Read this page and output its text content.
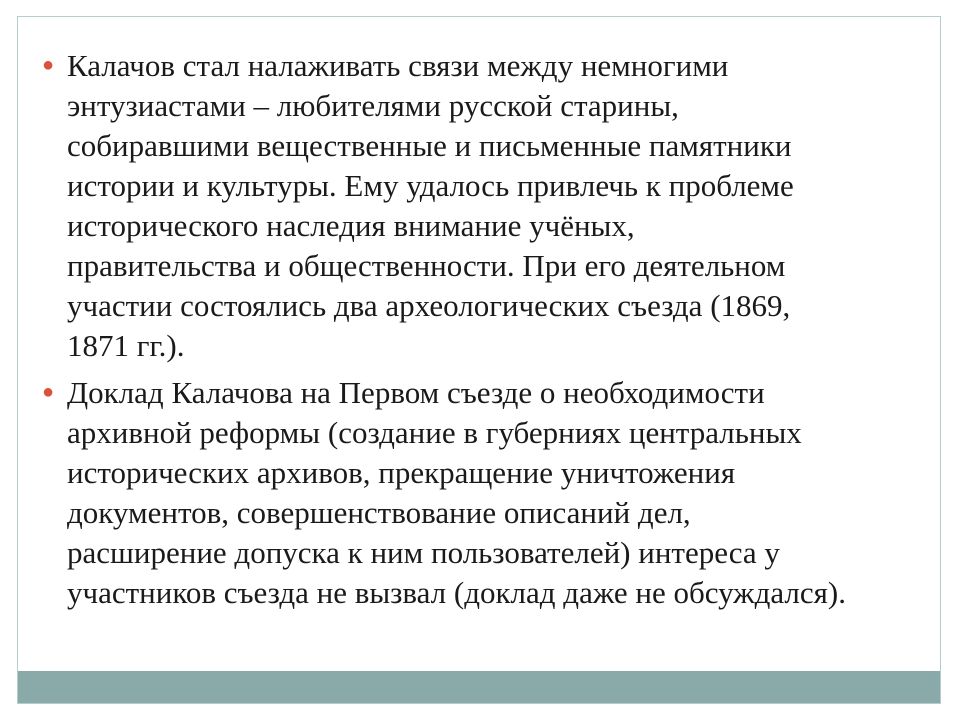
● Калачов стал налаживать связи между немногими
энтузиастами – любителями русской старины,
собиравшими вещественные и письменные памятники
истории и культуры. Ему удалось привлечь к проблеме
исторического наследия внимание учёных,
правительства и общественности. При его деятельном
участии состоялись два археологических съезда (1869,
1871 гг.).
● Доклад Калачова на Первом съезде о необходимости
архивной реформы (создание в губерниях центральных
исторических архивов, прекращение уничтожения
документов, совершенствование описаний дел,
расширение допуска к ним пользователей) интереса у
участников съезда не вызвал (доклад даже не обсуждался).
